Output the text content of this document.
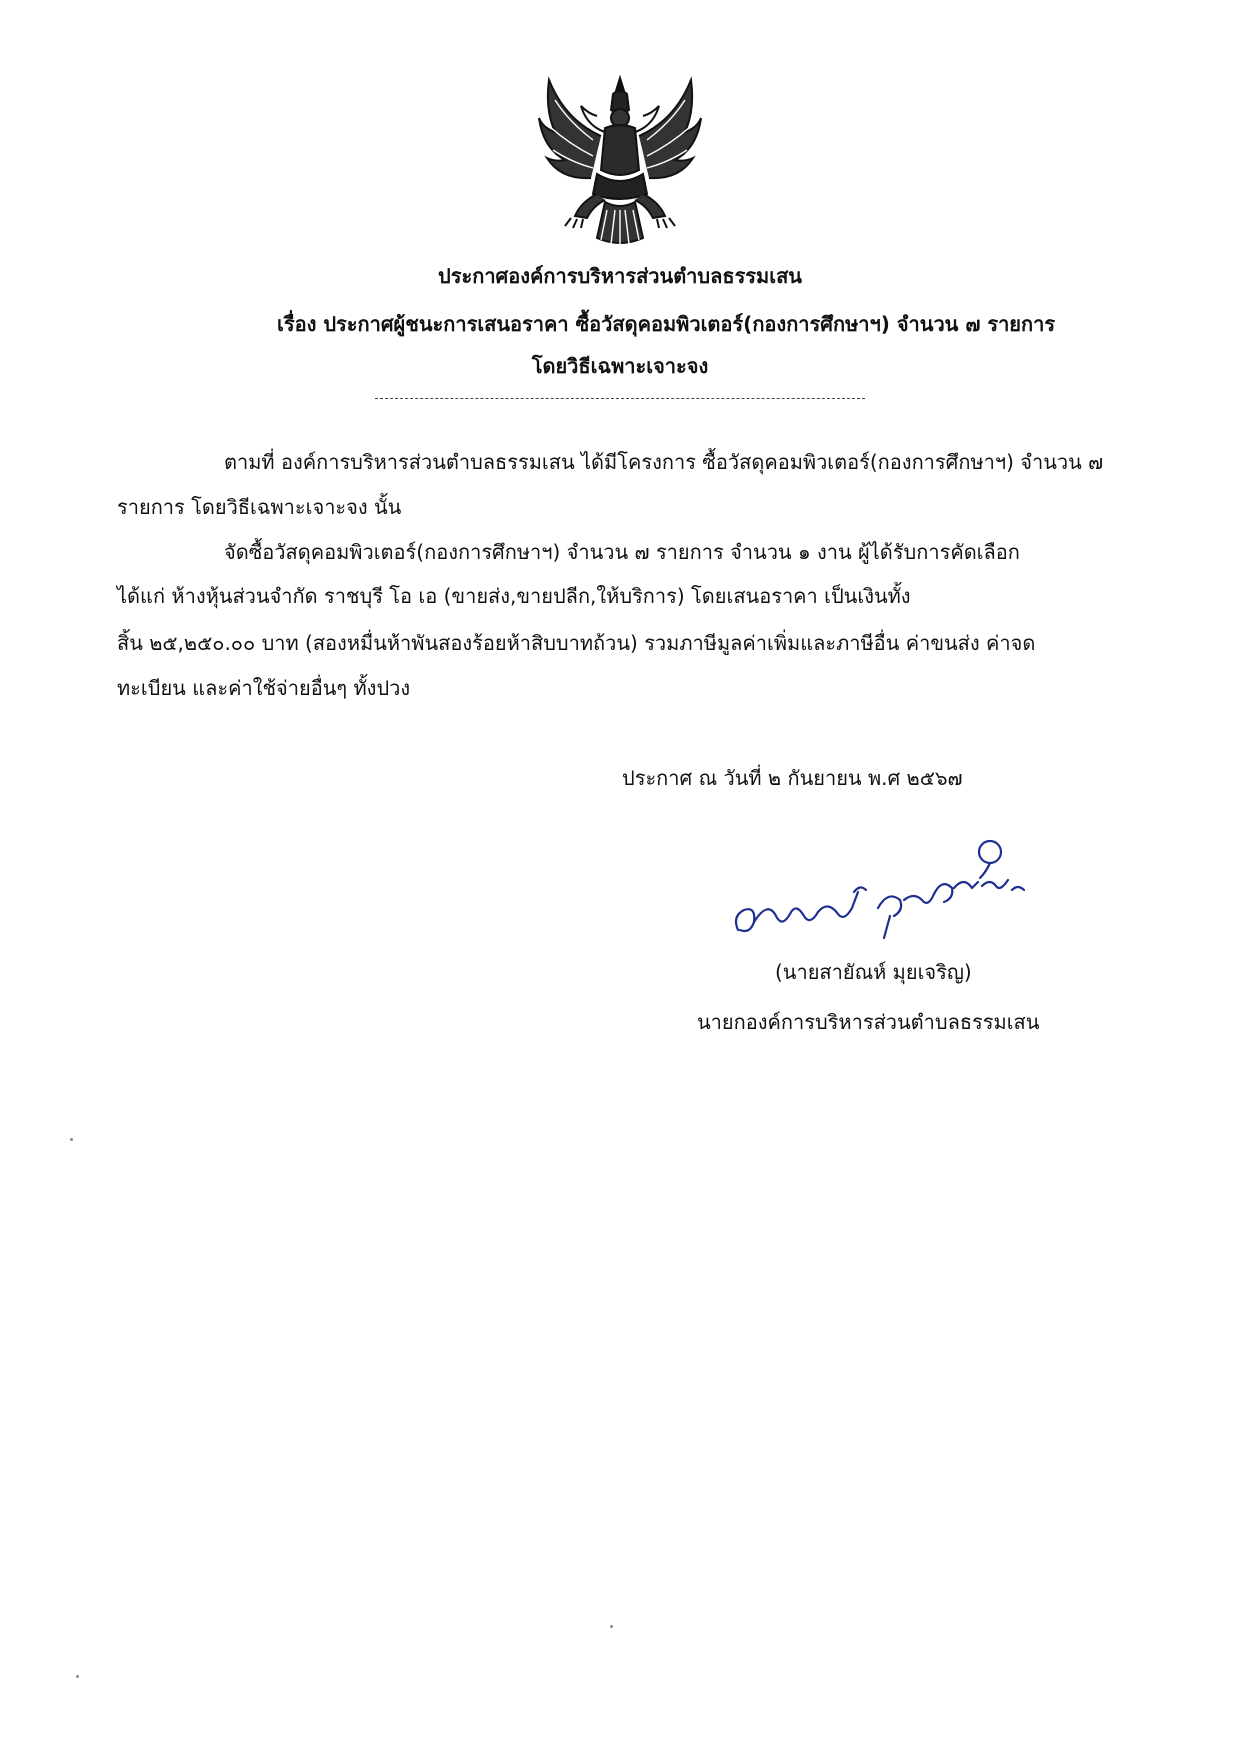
ประกาศองค์การบริหารส่วนตำบลธรรมเสน
เรื่อง ประกาศผู้ชนะการเสนอราคา ซื้อวัสดุคอมพิวเตอร์(กองการศึกษาฯ) จำนวน ๗ รายการ
โดยวิธีเฉพาะเจาะจง
ตามที่ องค์การบริหารส่วนตำบลธรรมเสน ได้มีโครงการ ซื้อวัสดุคอมพิวเตอร์(กองการศึกษาฯ) จำนวน ๗
รายการ โดยวิธีเฉพาะเจาะจง นั้น
จัดซื้อวัสดุคอมพิวเตอร์(กองการศึกษาฯ) จำนวน ๗ รายการ จำนวน ๑ งาน ผู้ได้รับการคัดเลือก
ได้แก่ ห้างหุ้นส่วนจำกัด ราชบุรี โอ เอ (ขายส่ง,ขายปลีก,ให้บริการ) โดยเสนอราคา เป็นเงินทั้ง
สิ้น ๒๕,๒๕๐.๐๐ บาท (สองหมื่นห้าพันสองร้อยห้าสิบบาทถ้วน) รวมภาษีมูลค่าเพิ่มและภาษีอื่น ค่าขนส่ง ค่าจด
ทะเบียน และค่าใช้จ่ายอื่นๆ ทั้งปวง
ประกาศ ณ วันที่ ๒ กันยายน พ.ศ ๒๕๖๗
(นายสายัณห์ มุยเจริญ)
นายกองค์การบริหารส่วนตำบลธรรมเสน
